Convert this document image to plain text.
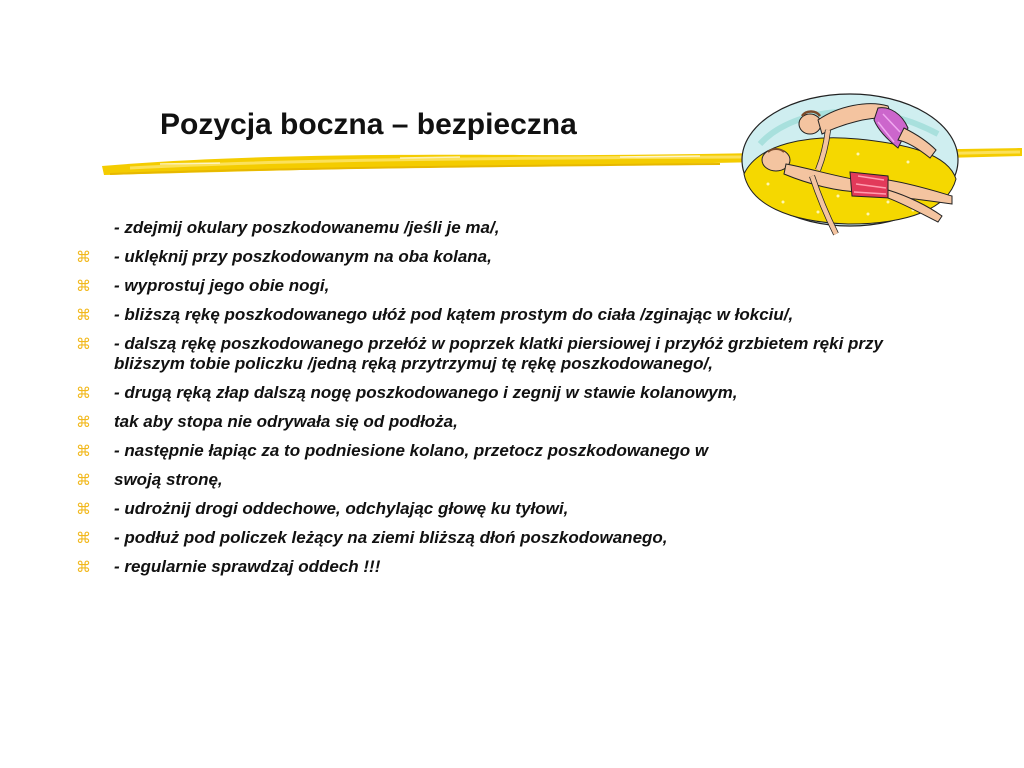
Pozycja boczna – bezpieczna
- zdejmij okulary poszkodowanemu /jeśli je ma/,
⌘ - uklęknij przy poszkodowanym na oba kolana,
⌘ - wyprostuj jego obie nogi,
⌘ - bliższą rękę poszkodowanego ułóż pod kątem prostym do ciała /zginając w łokciu/,
⌘ - dalszą rękę poszkodowanego przełóż w poprzek klatki piersiowej i przyłóż grzbietem ręki przy bliższym tobie policzku /jedną ręką przytrzymuj tę rękę poszkodowanego/,
⌘ - drugą ręką złap dalszą nogę poszkodowanego i zegnij w stawie kolanowym,
⌘ tak aby stopa nie odrywała się od podłoża,
⌘ - następnie łapiąc za to podniesione kolano, przetocz poszkodowanego w
⌘ swoją stronę,
⌘ - udrożnij drogi oddechowe, odchylając głowę ku tyłowi,
⌘ - podłuż pod policzek leżący na ziemi bliższą dłoń poszkodowanego,
⌘ - regularnie sprawdzaj oddech !!!
